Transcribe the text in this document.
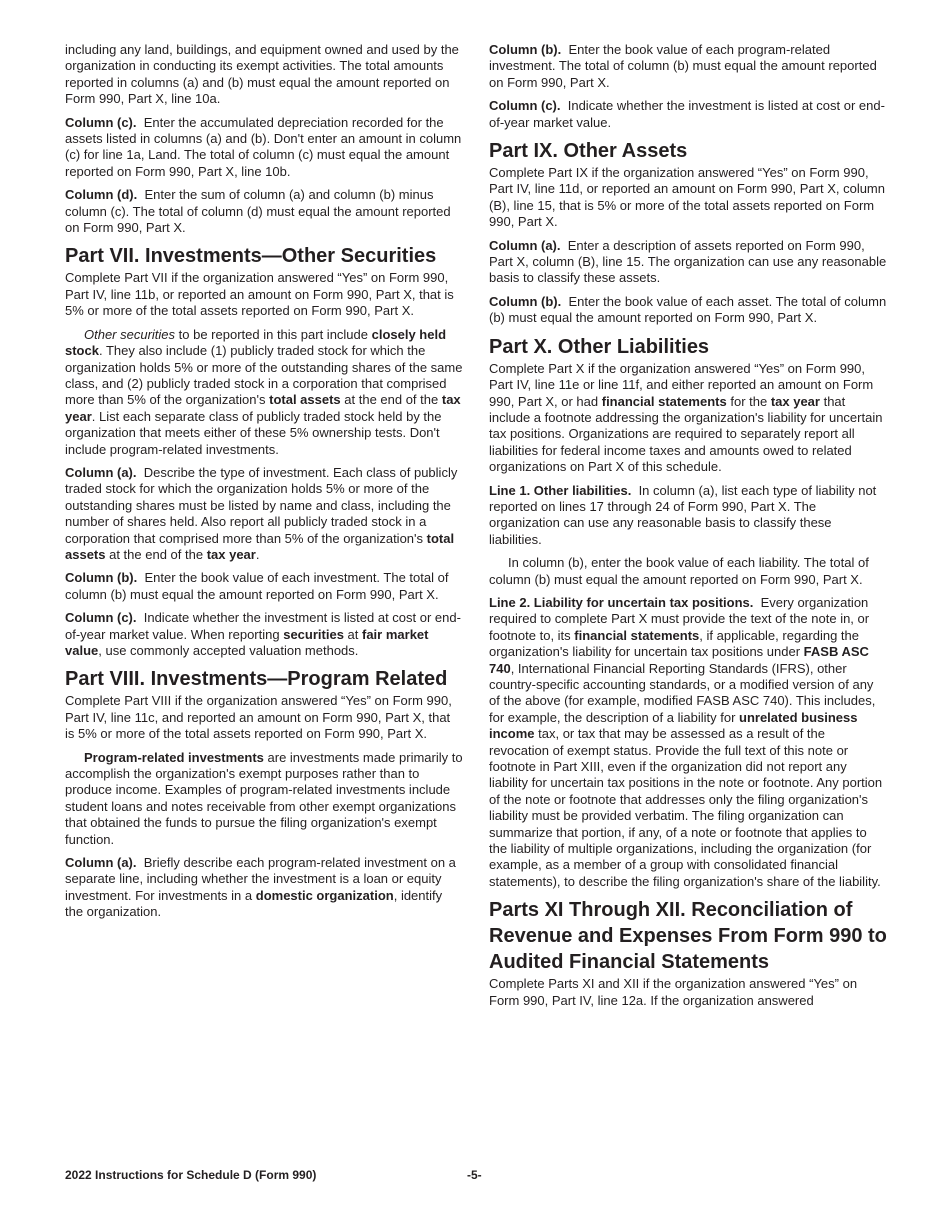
including any land, buildings, and equipment owned and used by the organization in conducting its exempt activities. The total amounts reported in columns (a) and (b) must equal the amount reported on Form 990, Part X, line 10a.

Column (c). Enter the accumulated depreciation recorded for the assets listed in columns (a) and (b). Don't enter an amount in column (c) for line 1a, Land. The total of column (c) must equal the amount reported on Form 990, Part X, line 10b.

Column (d). Enter the sum of column (a) and column (b) minus column (c). The total of column (d) must equal the amount reported on Form 990, Part X.

Part VII. Investments—Other Securities

Complete Part VII if the organization answered “Yes” on Form 990, Part IV, line 11b, or reported an amount on Form 990, Part X, that is 5% or more of the total assets reported on Form 990, Part X.

Other securities to be reported in this part include closely held stock. They also include (1) publicly traded stock for which the organization holds 5% or more of the outstanding shares of the same class, and (2) publicly traded stock in a corporation that comprised more than 5% of the organization's total assets at the end of the tax year. List each separate class of publicly traded stock held by the organization that meets either of these 5% ownership tests. Don't include program-related investments.

Column (a). Describe the type of investment. Each class of publicly traded stock for which the organization holds 5% or more of the outstanding shares must be listed by name and class, including the number of shares held. Also report all publicly traded stock in a corporation that comprised more than 5% of the organization's total assets at the end of the tax year.

Column (b). Enter the book value of each investment. The total of column (b) must equal the amount reported on Form 990, Part X.

Column (c). Indicate whether the investment is listed at cost or end-of-year market value. When reporting securities at fair market value, use commonly accepted valuation methods.

Part VIII. Investments—Program Related

Complete Part VIII if the organization answered “Yes” on Form 990, Part IV, line 11c, and reported an amount on Form 990, Part X, that is 5% or more of the total assets reported on Form 990, Part X.

Program-related investments are investments made primarily to accomplish the organization's exempt purposes rather than to produce income. Examples of program-related investments include student loans and notes receivable from other exempt organizations that obtained the funds to pursue the filing organization's exempt function.

Column (a). Briefly describe each program-related investment on a separate line, including whether the investment is a loan or equity investment. For investments in a domestic organization, identify the organization.

Column (b). Enter the book value of each program-related investment. The total of column (b) must equal the amount reported on Form 990, Part X.

Column (c). Indicate whether the investment is listed at cost or end-of-year market value.

Part IX. Other Assets

Complete Part IX if the organization answered “Yes” on Form 990, Part IV, line 11d, or reported an amount on Form 990, Part X, column (B), line 15, that is 5% or more of the total assets reported on Form 990, Part X.

Column (a). Enter a description of assets reported on Form 990, Part X, column (B), line 15. The organization can use any reasonable basis to classify these assets.

Column (b). Enter the book value of each asset. The total of column (b) must equal the amount reported on Form 990, Part X.

Part X. Other Liabilities

Complete Part X if the organization answered “Yes” on Form 990, Part IV, line 11e or line 11f, and either reported an amount on Form 990, Part X, or had financial statements for the tax year that include a footnote addressing the organization's liability for uncertain tax positions. Organizations are required to separately report all liabilities for federal income taxes and amounts owed to related organizations on Part X of this schedule.

Line 1. Other liabilities. In column (a), list each type of liability not reported on lines 17 through 24 of Form 990, Part X. The organization can use any reasonable basis to classify these liabilities.

In column (b), enter the book value of each liability. The total of column (b) must equal the amount reported on Form 990, Part X.

Line 2. Liability for uncertain tax positions. Every organization required to complete Part X must provide the text of the note in, or footnote to, its financial statements, if applicable, regarding the organization's liability for uncertain tax positions under FASB ASC 740, International Financial Reporting Standards (IFRS), other country-specific accounting standards, or a modified version of any of the above (for example, modified FASB ASC 740). This includes, for example, the description of a liability for unrelated business income tax, or tax that may be assessed as a result of the revocation of exempt status. Provide the full text of this note or footnote in Part XIII, even if the organization did not report any liability for uncertain tax positions in the note or footnote. Any portion of the note or footnote that addresses only the filing organization's liability must be provided verbatim. The filing organization can summarize that portion, if any, of a note or footnote that applies to the liability of multiple organizations, including the organization (for example, as a member of a group with consolidated financial statements), to describe the filing organization's share of the liability.

Parts XI Through XII. Reconciliation of Revenue and Expenses From Form 990 to Audited Financial Statements

Complete Parts XI and XII if the organization answered “Yes” on Form 990, Part IV, line 12a. If the organization answered

2022 Instructions for Schedule D (Form 990)	-5-
